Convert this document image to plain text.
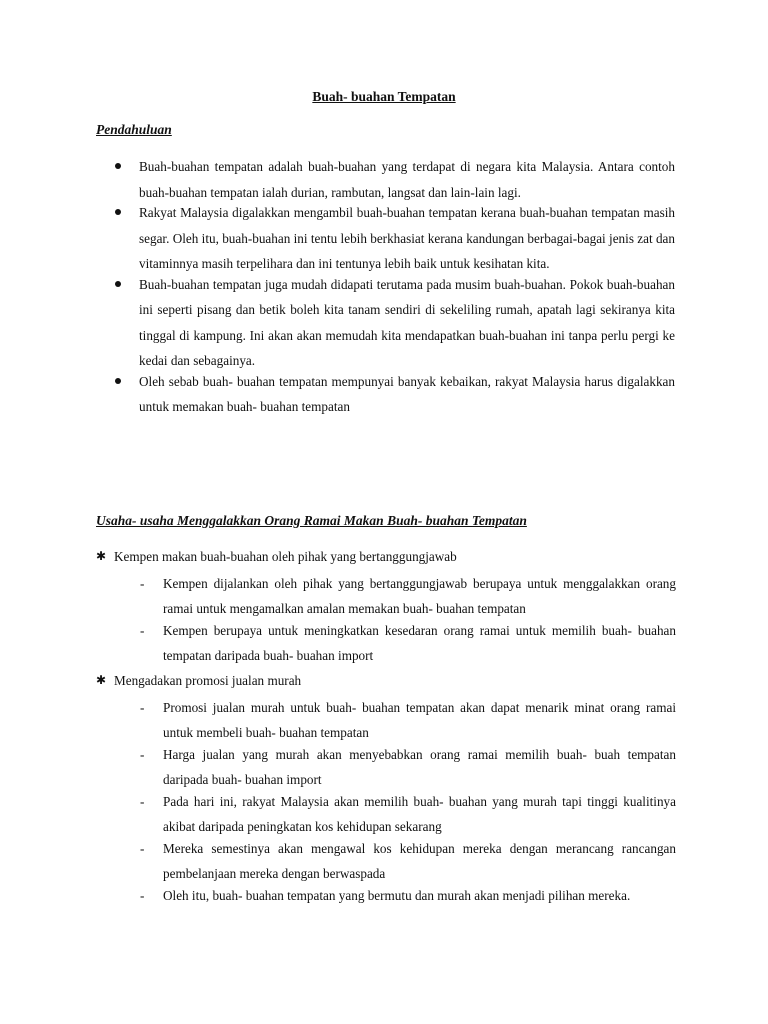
Buah- buahan Tempatan
Pendahuluan
Buah-buahan tempatan adalah buah-buahan yang terdapat di negara kita Malaysia. Antara contoh buah-buahan tempatan ialah durian, rambutan, langsat dan lain-lain lagi.
Rakyat Malaysia digalakkan mengambil buah-buahan tempatan kerana buah-buahan tempatan masih segar. Oleh itu, buah-buahan ini tentu lebih berkhasiat kerana kandungan berbagai-bagai jenis zat dan vitaminnya masih terpelihara dan ini tentunya lebih baik untuk kesihatan kita.
Buah-buahan tempatan juga mudah didapati terutama pada musim buah-buahan. Pokok buah-buahan ini seperti pisang dan betik boleh kita tanam sendiri di sekeliling rumah, apatah lagi sekiranya kita tinggal di kampung. Ini akan akan memudah kita mendapatkan buah-buahan ini tanpa perlu pergi ke kedai dan sebagainya.
Oleh sebab buah- buahan tempatan mempunyai banyak kebaikan, rakyat Malaysia harus digalakkan untuk memakan buah- buahan tempatan
Usaha- usaha Menggalakkan Orang Ramai Makan Buah- buahan Tempatan
✱ Kempen makan buah-buahan oleh pihak yang bertanggungjawab
- Kempen dijalankan oleh pihak yang bertanggungjawab berupaya untuk menggalakkan orang ramai untuk mengamalkan amalan memakan buah- buahan tempatan
- Kempen berupaya untuk meningkatkan kesedaran orang ramai untuk memilih buah- buahan tempatan daripada buah- buahan import
✱ Mengadakan promosi jualan murah
- Promosi jualan murah untuk buah- buahan tempatan akan dapat menarik minat orang ramai untuk membeli buah- buahan tempatan
- Harga jualan yang murah akan menyebabkan orang ramai memilih buah- buah tempatan daripada buah- buahan import
- Pada hari ini, rakyat Malaysia akan memilih buah- buahan yang murah tapi tinggi kualitinya akibat daripada peningkatan kos kehidupan sekarang
- Mereka semestinya akan mengawal kos kehidupan mereka dengan merancang rancangan pembelanjaan mereka dengan berwaspada
- Oleh itu, buah- buahan tempatan yang bermutu dan murah akan menjadi pilihan mereka.
